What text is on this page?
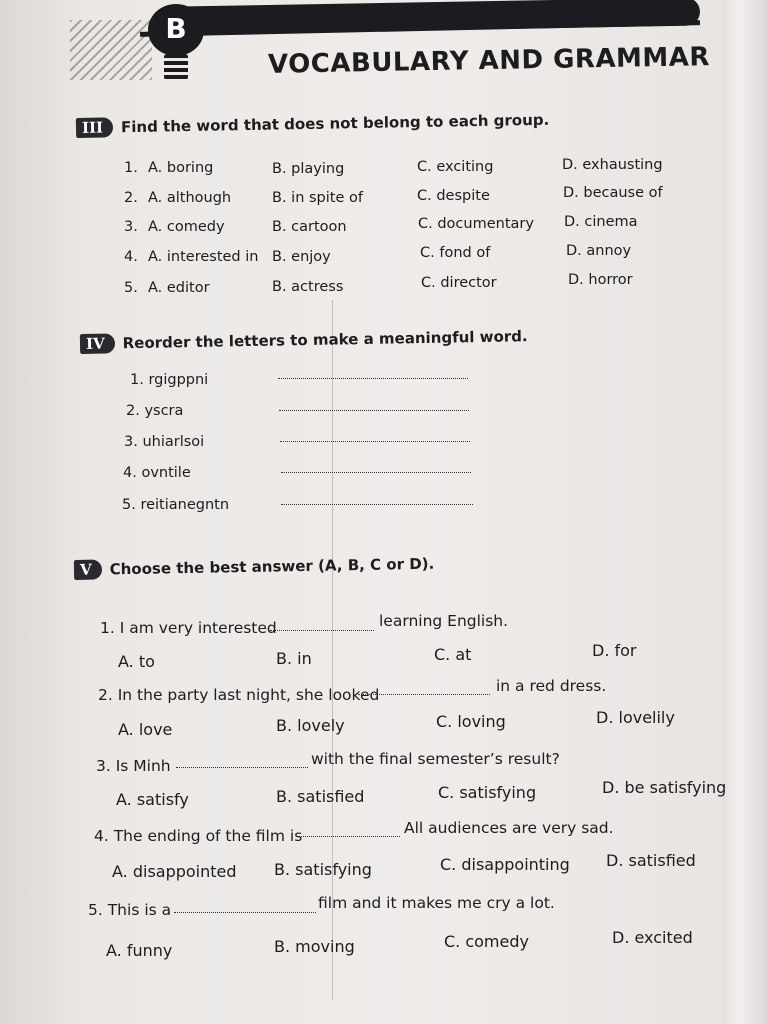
B
VOCABULARY AND GRAMMAR
III	Find the word that does not belong to each group.
1. A. boring	B. playing	C. exciting	D. exhausting
2. A. although	B. in spite of	C. despite	D. because of
3. A. comedy	B. cartoon	C. documentary D. cinema
4. A. interested in B. enjoy	C. fond of	D. annoy
5. A. editor	B. actress	C. director	D. horror
IV	Reorder the letters to make a meaningful word.
1. rgigppni
2. yscra
3. uhiarlsoi
4. ovntile
5. reitianegntn
V	Choose the best answer (A, B, C or D).
1. I am very interested	learning English.
A. to	B. in	C. at	D. for
2. In the party last night, she looked	in a red dress.
A. love	B. lovely	C. loving	D. lovelily
3. Is Minh	with the final semester’s result?
A. satisfy	B. satisfied	C. satisfying	D. be satisfying
4. The ending of the film is	All audiences are very sad.
A. disappointed B. satisfying	C. disappointing D. satisfied
5. This is a	film and it makes me cry a lot.
A. funny	B. moving	C. comedy	D. excited
